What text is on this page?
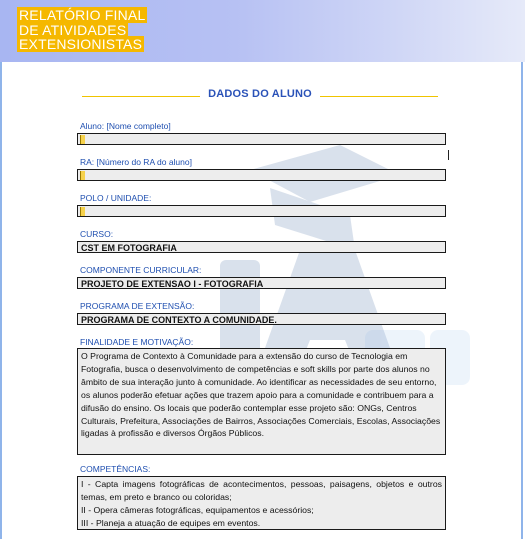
RELATÓRIO FINAL DE ATIVIDADES EXTENSIONISTAS
DADOS DO ALUNO
Aluno: [Nome completo]
RA: [Número do RA do aluno]
POLO / UNIDADE:
CURSO:
CST EM FOTOGRAFIA
COMPONENTE CURRICULAR:
PROJETO DE EXTENSAO I - FOTOGRAFIA
PROGRAMA DE EXTENSÃO:
PROGRAMA DE CONTEXTO A COMUNIDADE.
FINALIDADE E MOTIVAÇÃO:

O Programa de Contexto à Comunidade para a extensão do curso de Tecnologia em Fotografia, busca o desenvolvimento de competências e soft skills por parte dos alunos no âmbito de sua interação junto à comunidade. Ao identificar as necessidades de seu entorno, os alunos poderão efetuar ações que trazem apoio para a comunidade e contribuem para a difusão do ensino. Os locais que poderão contemplar esse projeto são: ONGs, Centros Culturais, Prefeitura, Associações de Bairros, Associações Comerciais, Escolas, Associações ligadas à profissão e diversos Órgãos Públicos.

COMPETÊNCIAS:

I - Capta imagens fotográficas de acontecimentos, pessoas, paisagens, objetos e outros temas, em preto e branco ou coloridas;

II - Opera câmeras fotográficas, equipamentos e acessórios;

III - Planeja a atuação de equipes em eventos.
